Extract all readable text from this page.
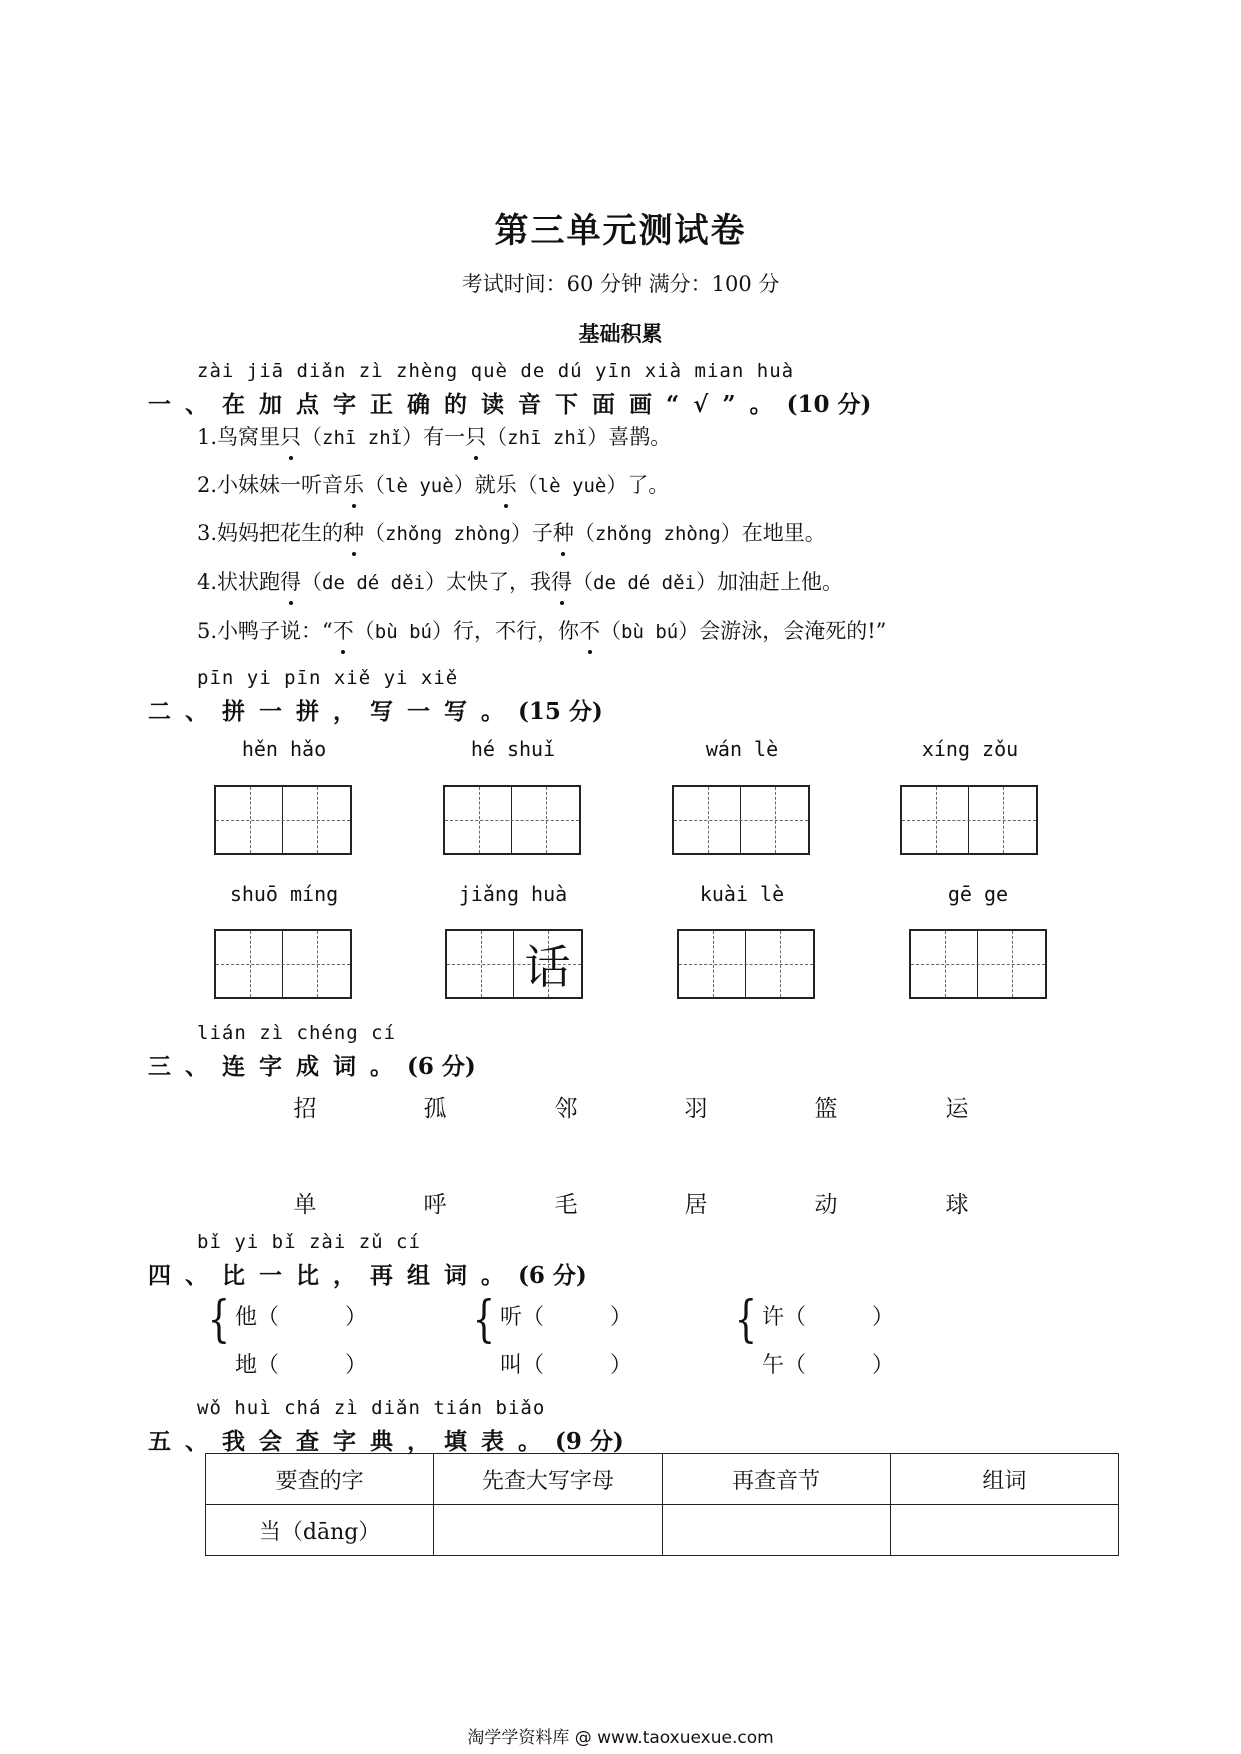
第三单元测试卷
考试时间：60 分钟 满分：100 分
基础积累
zài jiā diǎn zì zhèng què de dú yīn xià mian huà
一、在加点字正确的读音下面画“√”。(10 分)
1.鸟窝里只（zhī zhǐ）有一只（zhī zhǐ）喜鹊。
2.小妹妹一听音乐（lè yuè）就乐（lè yuè）了。
3.妈妈把花生的种（zhǒng zhòng）子种（zhǒng zhòng）在地里。
4.状状跑得（de dé děi）太快了，我得（de dé děi）加油赶上他。
5.小鸭子说：“不（bù bú）行，不行，你不（bù bú）会游泳，会淹死的!”
pīn yi pīn xiě yi xiě
二、拼一拼，写一写。(15 分)
hěn hǎo	hé shuǐ	wán lè	xíng zǒu
shuō míng	jiǎng huà	kuài lè	gē ge
话
lián zì chéng cí
三、连字成词。(6 分)
招	孤	邻	羽	篮	运
单	呼	毛	居	动	球
bǐ yi bǐ zài zǔ cí
四、比一比，再组词。(6 分)
{ 他（　　　）
地（　　　）
{ 听（　　　）
叫（　　　）
{ 许（　　　）
午（　　　）
wǒ huì chá zì diǎn tián biǎo
五、我会查字典，填表。(9 分)
要查的字	先查大写字母	再查音节	组词
当（dāng）			
淘学学资料库 @ www.taoxuexue.com
